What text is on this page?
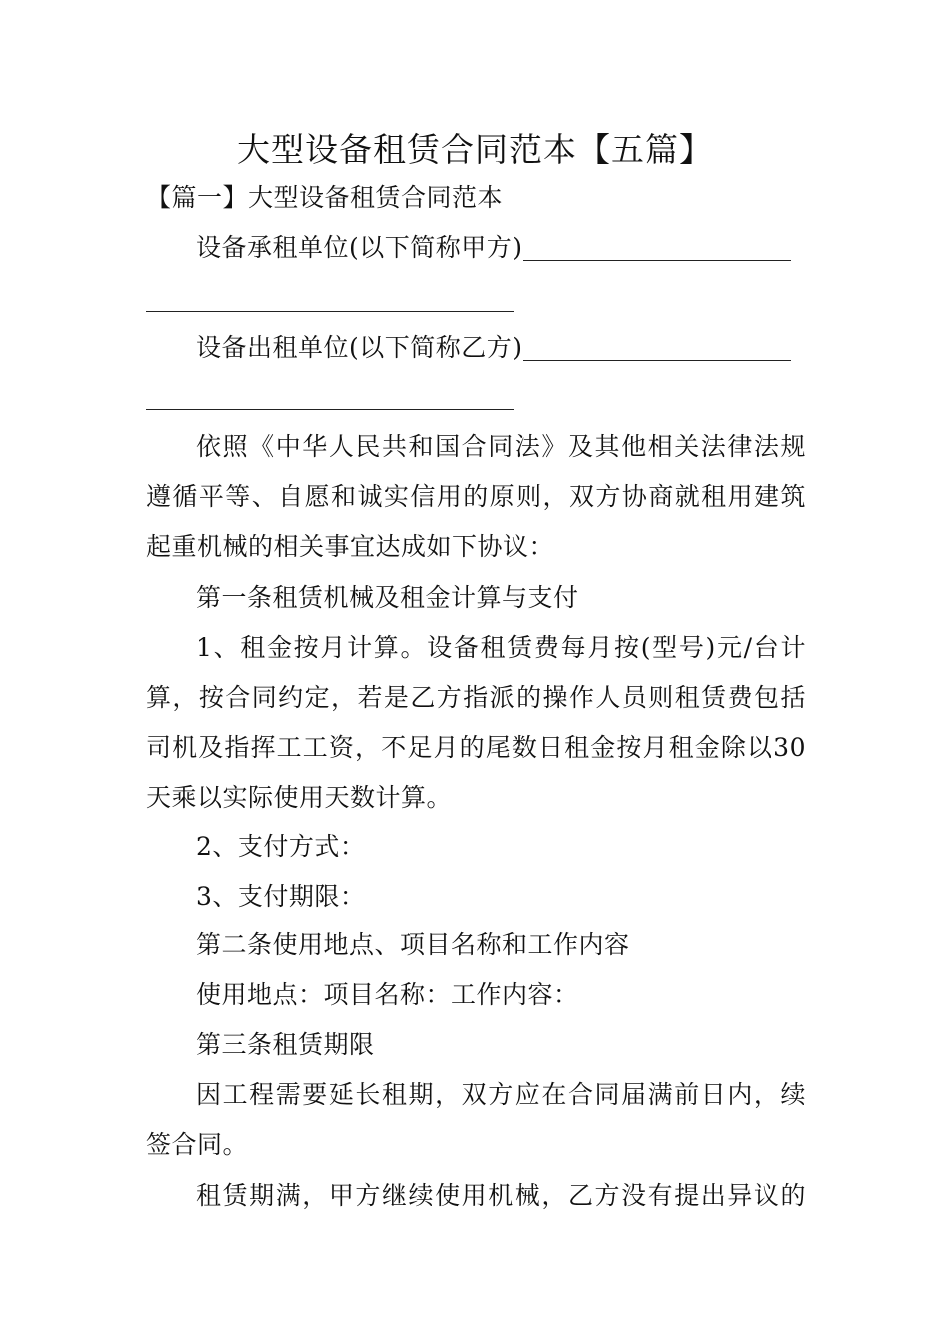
大型设备租赁合同范本【五篇】
【篇一】大型设备租赁合同范本
设备承租单位(以下简称甲方)
设备出租单位(以下简称乙方)
依照《中华人民共和国合同法》及其他相关法律法规
遵循平等、自愿和诚实信用的原则，双方协商就租用建筑
起重机械的相关事宜达成如下协议：
第一条租赁机械及租金计算与支付
1、租金按月计算。设备租赁费每月按(型号)元/台计
算，按合同约定，若是乙方指派的操作人员则租赁费包括
司机及指挥工工资，不足月的尾数日租金按月租金除以30
天乘以实际使用天数计算。
2、支付方式：
3、支付期限：
第二条使用地点、项目名称和工作内容
使用地点：项目名称：工作内容：
第三条租赁期限
因工程需要延长租期，双方应在合同届满前日内，续
签合同。
租赁期满，甲方继续使用机械，乙方没有提出异议的
